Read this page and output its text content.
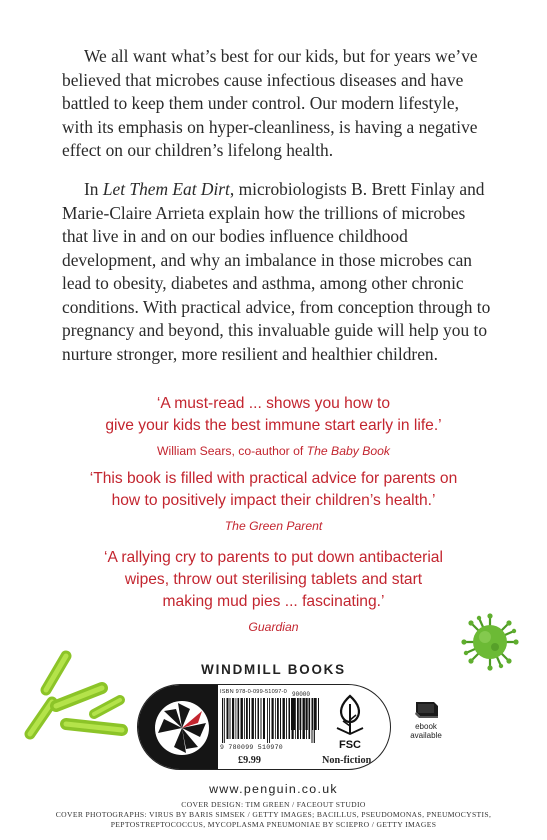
We all want what’s best for our kids, but for years we’ve believed that microbes cause infectious diseases and have battled to keep them under control. Our modern lifestyle, with its emphasis on hyper-cleanliness, is having a negative effect on our children’s lifelong health.

In Let Them Eat Dirt, microbiologists B. Brett Finlay and Marie-Claire Arrieta explain how the trillions of microbes that live in and on our bodies influence childhood development, and why an imbalance in those microbes can lead to obesity, diabetes and asthma, among other chronic conditions. With practical advice, from conception through to pregnancy and beyond, this invaluable guide will help you to nurture stronger, more resilient and healthier children.

‘A must-read ... shows you how to
give your kids the best immune start early in life.’
William Sears, co-author of The Baby Book
‘This book is filled with practical advice for parents on
how to positively impact their children’s health.’
The Green Parent
‘A rallying cry to parents to put down antibacterial
wipes, throw out sterilising tablets and start
making mud pies ... fascinating.’
Guardian
WINDMILL BOOKS
ISBN 978-0-099-51097-0
9 780099 510970
£9.99	Non-fiction
90000
FSC
ebook
available
www.penguin.co.uk
COVER DESIGN: TIM GREEN / FACEOUT STUDIO
COVER PHOTOGRAPHS: VIRUS BY BARIS SIMSEK / GETTY IMAGES; BACILLUS, PSEUDOMONAS, PNEUMOCYSTIS,
PEPTOSTREPTOCOCCUS, MYCOPLASMA PNEUMONIAE BY SCIEPRO / GETTY IMAGES
